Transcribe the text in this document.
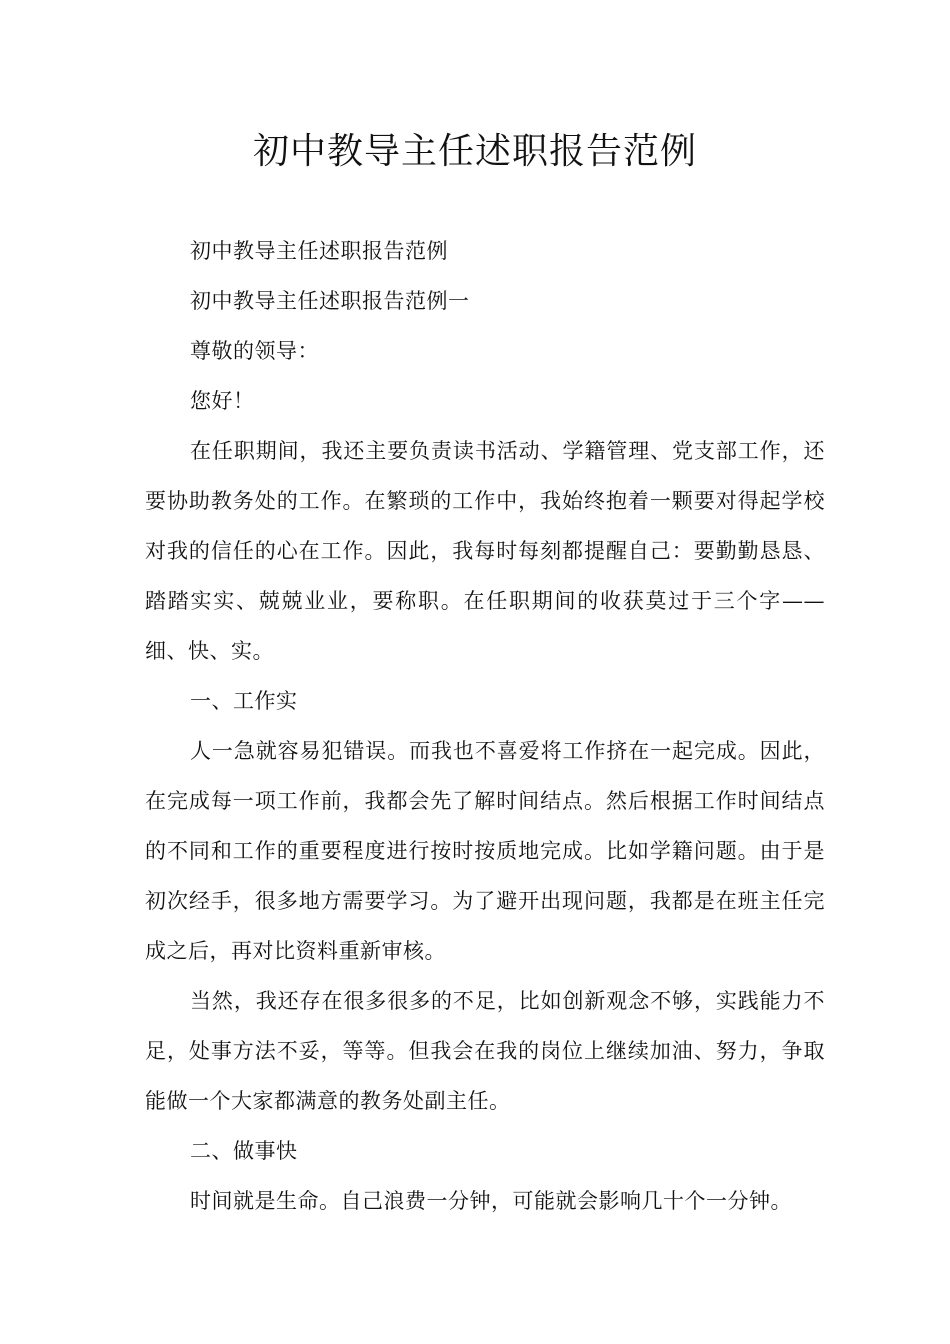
初中教导主任述职报告范例

初中教导主任述职报告范例

初中教导主任述职报告范例一

尊敬的领导：

您好！

在任职期间，我还主要负责读书活动、学籍管理、党支部工作，还要协助教务处的工作。在繁琐的工作中，我始终抱着一颗要对得起学校对我的信任的心在工作。因此，我每时每刻都提醒自己：要勤勤恳恳、踏踏实实、兢兢业业，要称职。在任职期间的收获莫过于三个字——细、快、实。

一、工作实

人一急就容易犯错误。而我也不喜爱将工作挤在一起完成。因此，在完成每一项工作前，我都会先了解时间结点。然后根据工作时间结点的不同和工作的重要程度进行按时按质地完成。比如学籍问题。由于是初次经手，很多地方需要学习。为了避开出现问题，我都是在班主任完成之后，再对比资料重新审核。

当然，我还存在很多很多的不足，比如创新观念不够，实践能力不足，处事方法不妥，等等。但我会在我的岗位上继续加油、努力，争取能做一个大家都满意的教务处副主任。

二、做事快

时间就是生命。自己浪费一分钟，可能就会影响几十个一分钟。
